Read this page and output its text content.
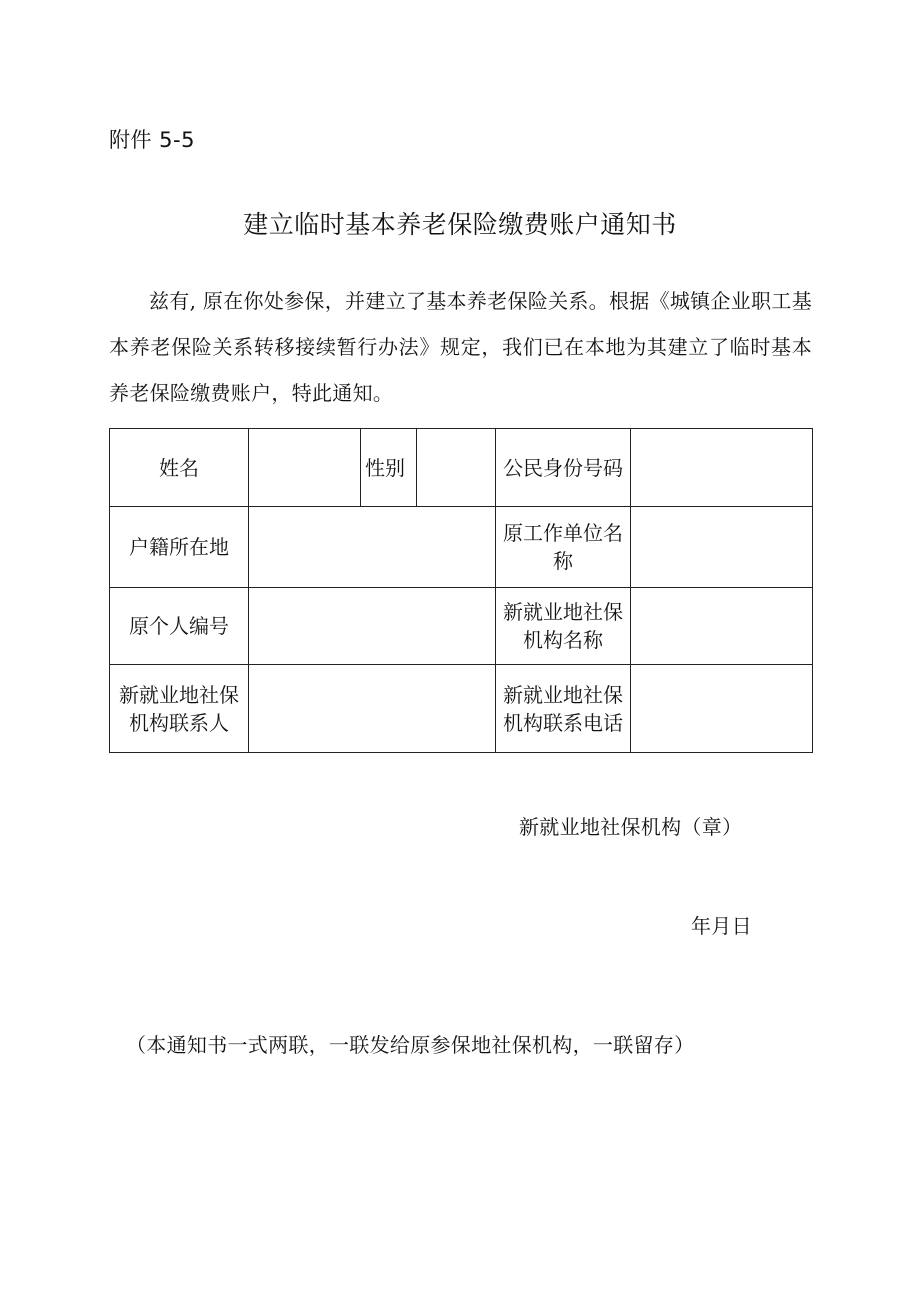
附件 5-5
建立临时基本养老保险缴费账户通知书
兹有, 原在你处参保，并建立了基本养老保险关系。根据《城镇企业职工基本养老保险关系转移接续暂行办法》规定，我们已在本地为其建立了临时基本养老保险缴费账户，特此通知。
姓名		性别		公民身份号码	
户籍所在地				原工作单位名称	
原个人编号				新就业地社保机构名称	
新就业地社保机构联系人				新就业地社保机构联系电话	
新就业地社保机构（章）
年月日
（本通知书一式两联，一联发给原参保地社保机构，一联留存）
